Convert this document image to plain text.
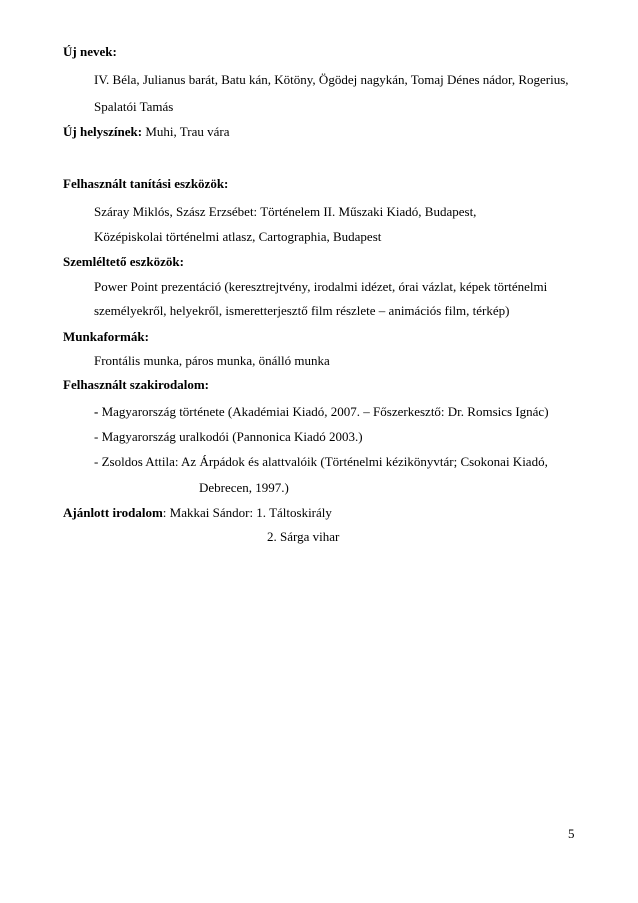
Új nevek:
IV. Béla, Julianus barát, Batu kán, Kötöny, Ögödej nagykán, Tomaj Dénes nádor, Rogerius,
Spalatói Tamás
Új helyszínek: Muhi, Trau vára
Felhasznált tanítási eszközök:
Száray Miklós, Szász Erzsébet: Történelem II. Műszaki Kiadó, Budapest,
Középiskolai történelmi atlasz, Cartographia, Budapest
Szemléltető eszközök:
Power Point prezentáció (keresztrejtvény, irodalmi idézet, órai vázlat, képek történelmi
személyekről, helyekről, ismeretterjesztő film részlete – animációs film, térkép)
Munkaformák:
Frontális munka, páros munka, önálló munka
Felhasznált szakirodalom:
- Magyarország története (Akadémiai Kiadó, 2007. – Főszerkesztő: Dr. Romsics Ignác)
- Magyarország uralkodói (Pannonica Kiadó 2003.)
- Zsoldos Attila: Az Árpádok és alattvalóik (Történelmi kézikönyvtár; Csokonai Kiadó,
Debrecen, 1997.)
Ajánlott irodalom: Makkai Sándor: 1. Táltoskirály
2. Sárga vihar
5
